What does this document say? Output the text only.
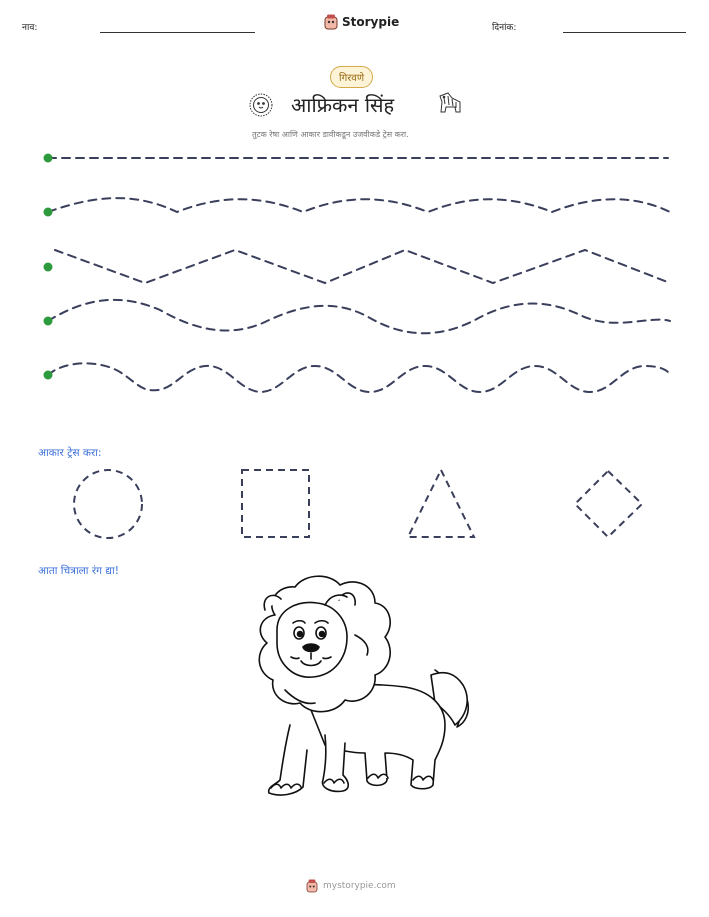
नाव:	Storypie	दिनांक:
गिरवणे
आफ्रिकन सिंह
तुटक रेषा आणि आकार डावीकडून उजवीकडे ट्रेस करा.
आकार ट्रेस करा:
आता चित्राला रंग द्या!
mystorypie.com
